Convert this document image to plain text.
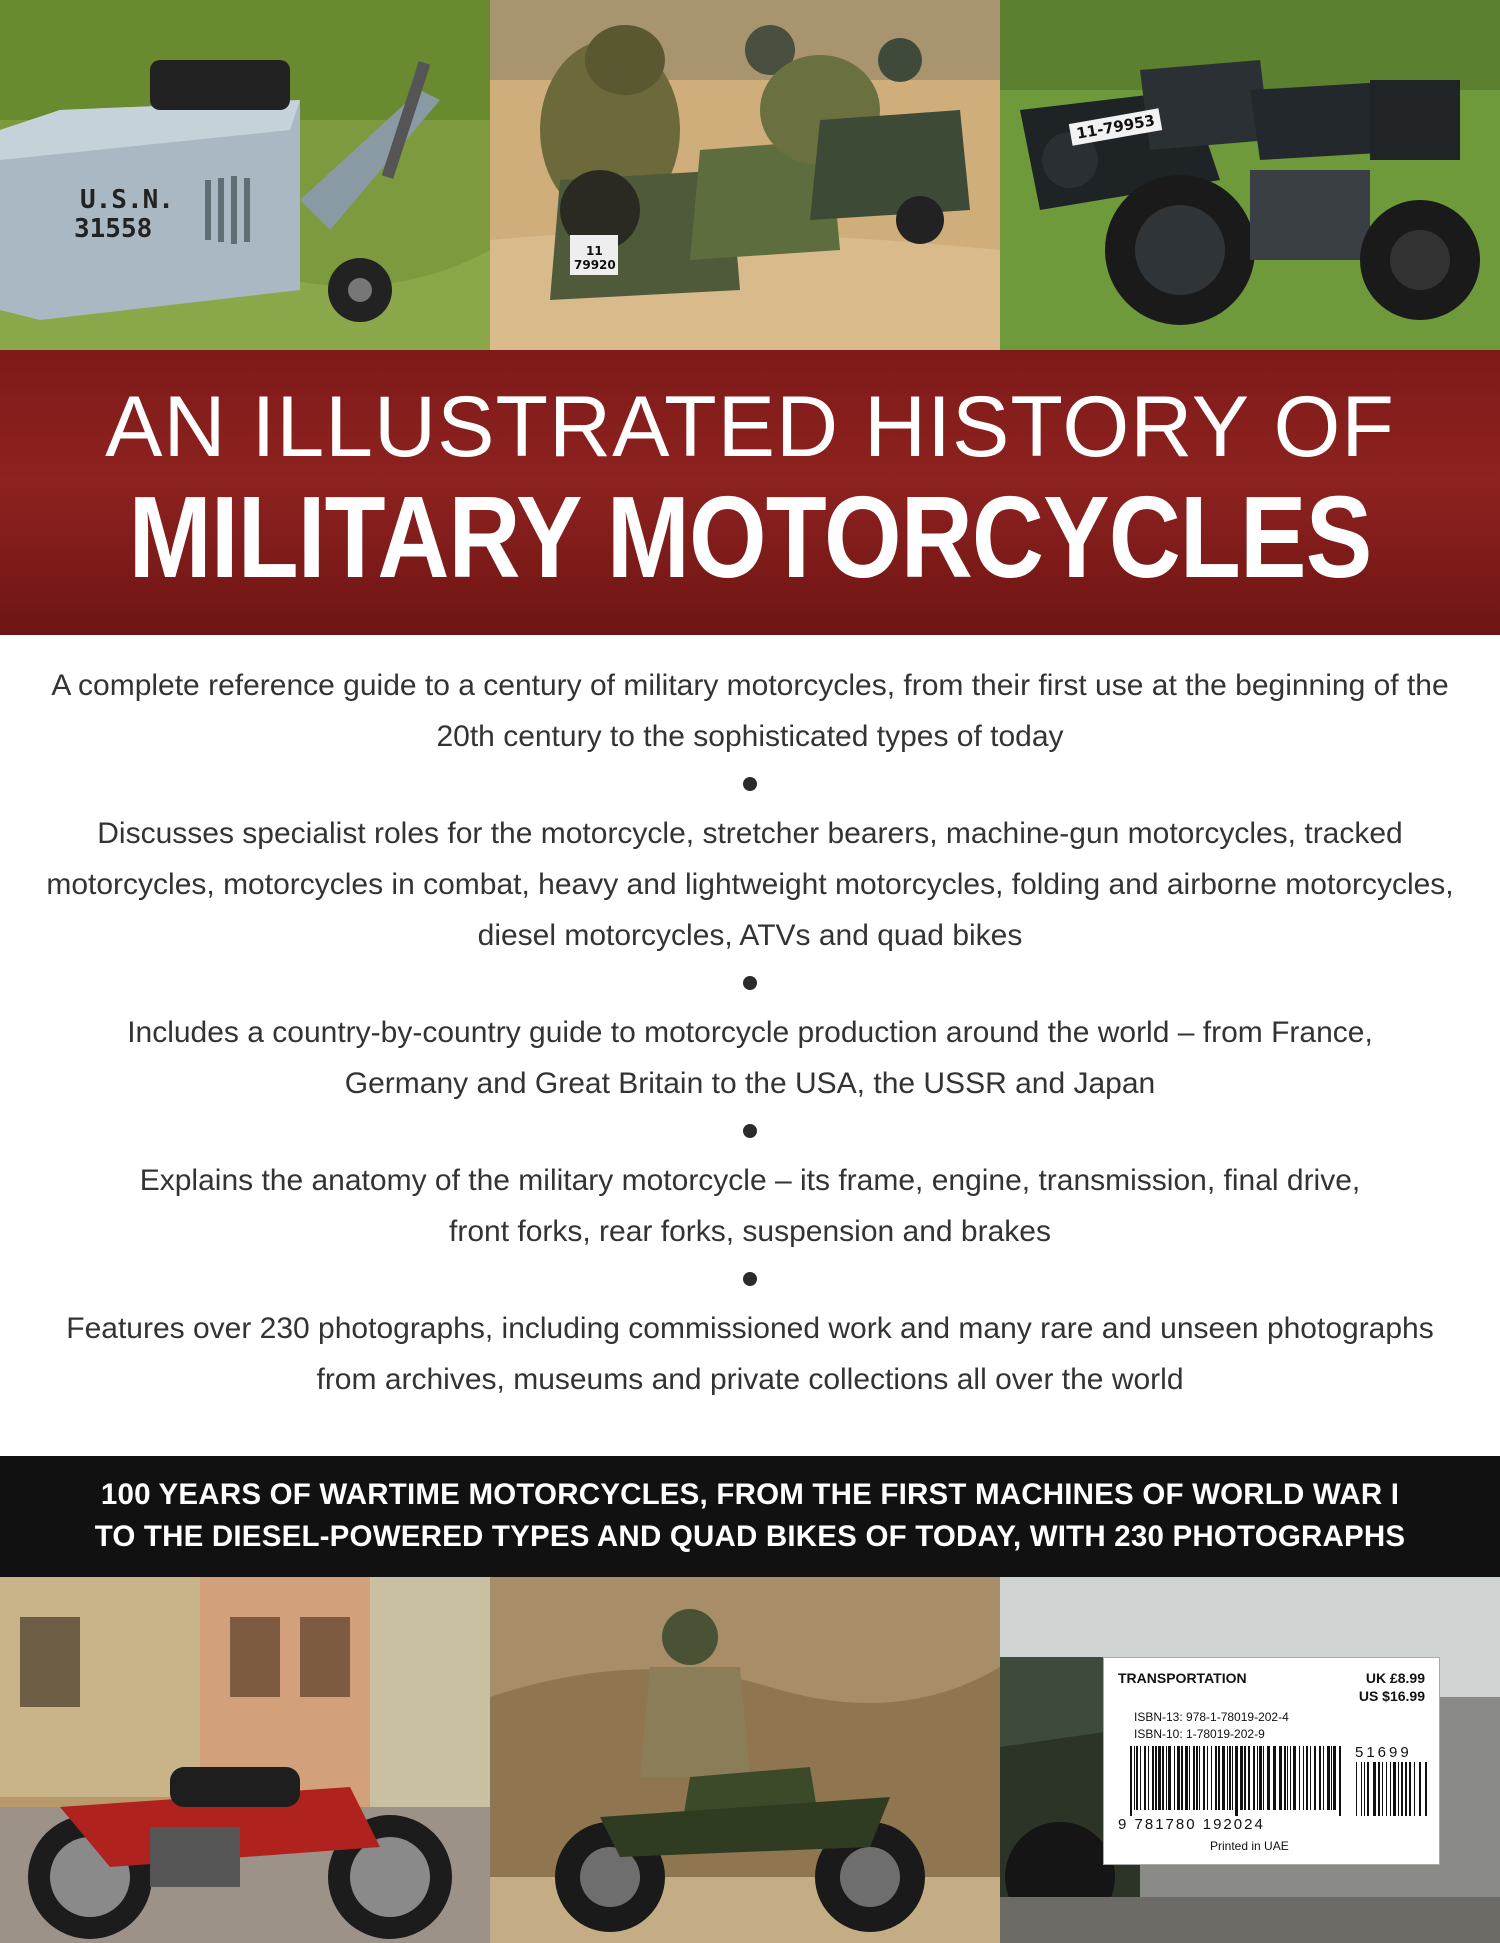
U.S.N.
31558
11
79920
11-79953
AN ILLUSTRATED HISTORY OF
MILITARY MOTORCYCLES

A complete reference guide to a century of military motorcycles, from their first use at the beginning of the 20th century to the sophisticated types of today

Discusses specialist roles for the motorcycle, stretcher bearers, machine-gun motorcycles, tracked motorcycles, motorcycles in combat, heavy and lightweight motorcycles, folding and airborne motorcycles, diesel motorcycles, ATVs and quad bikes

Includes a country-by-country guide to motorcycle production around the world – from France, Germany and Great Britain to the USA, the USSR and Japan

Explains the anatomy of the military motorcycle – its frame, engine, transmission, final drive, front forks, rear forks, suspension and brakes

Features over 230 photographs, including commissioned work and many rare and unseen photographs from archives, museums and private collections all over the world

100 YEARS OF WARTIME MOTORCYCLES, FROM THE FIRST MACHINES OF WORLD WAR I
TO THE DIESEL-POWERED TYPES AND QUAD BIKES OF TODAY, WITH 230 PHOTOGRAPHS
TRANSPORTATION	UK £8.99
US $16.99
ISBN-13: 978-1-78019-202-4
ISBN-10: 1-78019-202-9
9 781780 192024
51699
Printed in UAE
